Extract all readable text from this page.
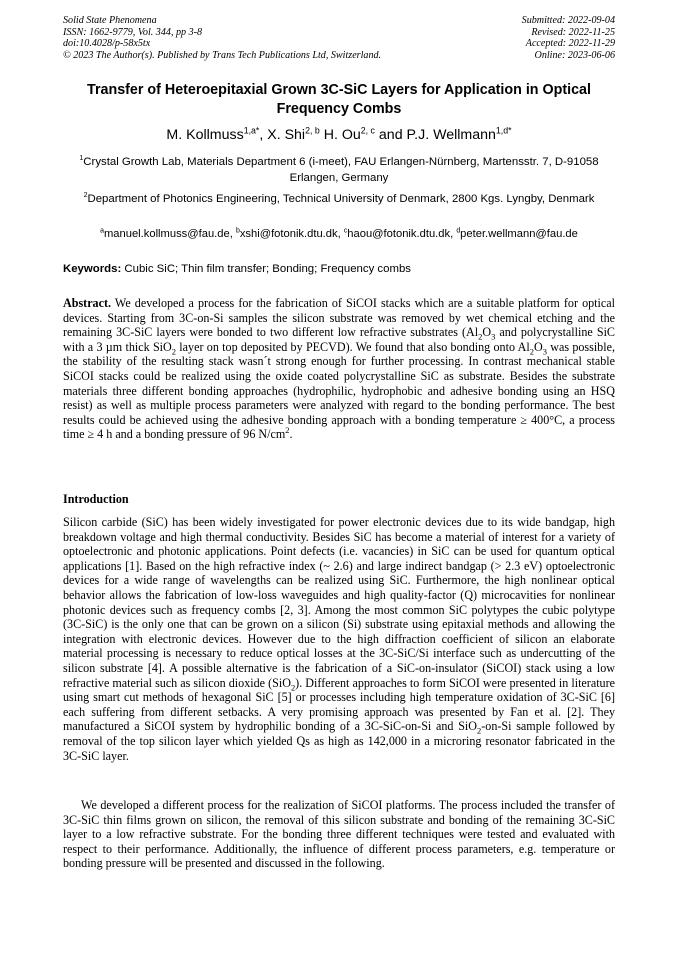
Solid State Phenomena
ISSN: 1662-9779, Vol. 344, pp 3-8
doi:10.4028/p-58x5tx
© 2023 The Author(s). Published by Trans Tech Publications Ltd, Switzerland.
Submitted: 2022-09-04
Revised: 2022-11-25
Accepted: 2022-11-29
Online: 2023-06-06
Transfer of Heteroepitaxial Grown 3C-SiC Layers for Application in Optical Frequency Combs
M. Kollmuss$^{1,a*}$, X. Shi$^{2, b}$ H. Ou$^{2, c}$ and P.J. Wellmann$^{1,d*}$
$^1$Crystal Growth Lab, Materials Department 6 (i-meet), FAU Erlangen-Nürnberg, Martensstr. 7, D-91058 Erlangen, Germany
$^2$Department of Photonics Engineering, Technical University of Denmark, 2800 Kgs. Lyngby, Denmark
$^a$manuel.kollmuss@fau.de, $^b$xshi@fotonik.dtu.dk, $^c$haou@fotonik.dtu.dk, $^d$peter.wellmann@fau.de
Keywords: Cubic SiC; Thin film transfer; Bonding; Frequency combs
Abstract. We developed a process for the fabrication of SiCOI stacks which are a suitable platform for optical devices. Starting from 3C-on-Si samples the silicon substrate was removed by wet chemical etching and the remaining 3C-SiC layers were bonded to two different low refractive substrates ($Al_2O_3$ and polycrystalline SiC with a 3 µm thick SiO$_2$ layer on top deposited by PECVD). We found that also bonding onto $Al_2O_3$ was possible, the stability of the resulting stack wasn´t strong enough for further processing. In contrast mechanical stable SiCOI stacks could be realized using the oxide coated polycrystalline SiC as substrate. Besides the substrate materials three different bonding approaches (hydrophilic, hydrophobic and adhesive bonding using an HSQ resist) as well as multiple process parameters were analyzed with regard to the bonding performance. The best results could be achieved using the adhesive bonding approach with a bonding temperature ≥ 400°C, a process time ≥ 4 h and a bonding pressure of 96 $N/cm^2$.
Introduction
Silicon carbide (SiC) has been widely investigated for power electronic devices due to its wide bandgap, high breakdown voltage and high thermal conductivity. Besides SiC has become a material of interest for a variety of optoelectronic and photonic applications. Point defects (i.e. vacancies) in SiC can be used for quantum optical applications [1]. Based on the high refractive index (~ 2.6) and large indirect bandgap (> 2.3 eV) optoelectronic devices for a wide range of wavelengths can be realized using SiC. Furthermore, the high nonlinear optical behavior allows the fabrication of low-loss waveguides and high quality-factor (Q) microcavities for nonlinear photonic devices such as frequency combs [2, 3]. Among the most common SiC polytypes the cubic polytype (3C-SiC) is the only one that can be grown on a silicon (Si) substrate using epitaxial methods and allowing the integration with electronic devices. However due to the high diffraction coefficient of silicon an elaborate material processing is necessary to reduce optical losses at the 3C-SiC/Si interface such as undercutting of the silicon substrate [4]. A possible alternative is the fabrication of a SiC-on-insulator (SiCOI) stack using a low refractive material such as silicon dioxide (SiO$_2$). Different approaches to form SiCOI were presented in literature using smart cut methods of hexagonal SiC [5] or processes including high temperature oxidation of 3C-SiC [6] each suffering from different setbacks. A very promising approach was presented by Fan et al. [2]. They manufactured a SiCOI system by hydrophilic bonding of a 3C-SiC-on-Si and SiO$_2$-on-Si sample followed by removal of the top silicon layer which yielded Qs as high as 142,000 in a microring resonator fabricated in the 3C-SiC layer.
We developed a different process for the realization of SiCOI platforms. The process included the transfer of 3C-SiC thin films grown on silicon, the removal of this silicon substrate and bonding of the remaining 3C-SiC layer to a low refractive substrate. For the bonding three different techniques were tested and evaluated with respect to their performance. Additionally, the influence of different process parameters, e.g. temperature or bonding pressure will be presented and discussed in the following.
